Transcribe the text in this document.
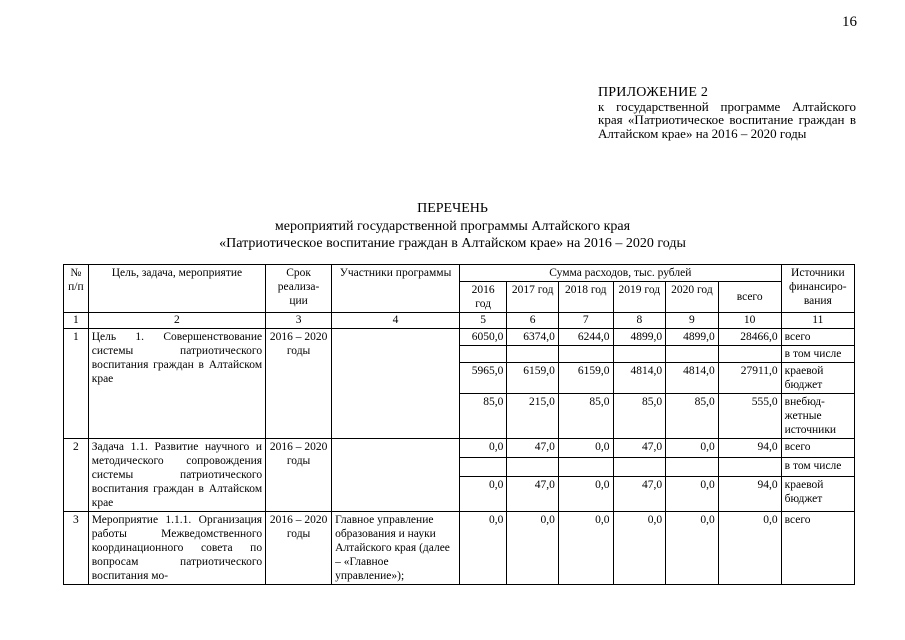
16
ПРИЛОЖЕНИЕ 2
к государственной программе Алтайского края «Патриотическое воспитание граждан в Алтайском крае» на 2016 – 2020 годы
ПЕРЕЧЕНЬ
мероприятий государственной программы Алтайского края
«Патриотическое воспитание граждан в Алтайском крае» на 2016 – 2020 годы
№ п/п	Цель, задача, мероприятие	Срок реализа- ции	Участники программы	Сумма расходов, тыс. рублей						Источники финансиро- вания
				2016 год	2017 год	2018 год	2019 год	2020 год	всего	
1	2	3	4	5	6	7	8	9	10	11
1	Цель 1. Совершенствование системы патриотического воспитания граждан в Алтайском крае	2016 – 2020 годы		6050,0	6374,0	6244,0	4899,0	4899,0	28466,0	всего
										в том числе
				5965,0	6159,0	6159,0	4814,0	4814,0	27911,0	краевой бюджет
				85,0	215,0	85,0	85,0	85,0	555,0	внебюд- жетные источники
2	Задача 1.1. Развитие научного и методического сопровождения системы патриотического воспитания граждан в Алтайском крае	2016 – 2020 годы		0,0	47,0	0,0	47,0	0,0	94,0	всего
										в том числе
				0,0	47,0	0,0	47,0	0,0	94,0	краевой бюджет
3	Мероприятие 1.1.1. Организация работы Межведомственного координационного совета по вопросам патриотического воспитания мо-	2016 – 2020 годы	Главное управление образования и науки Алтайского края (далее – «Главное управление»);	0,0	0,0	0,0	0,0	0,0	0,0	всего
